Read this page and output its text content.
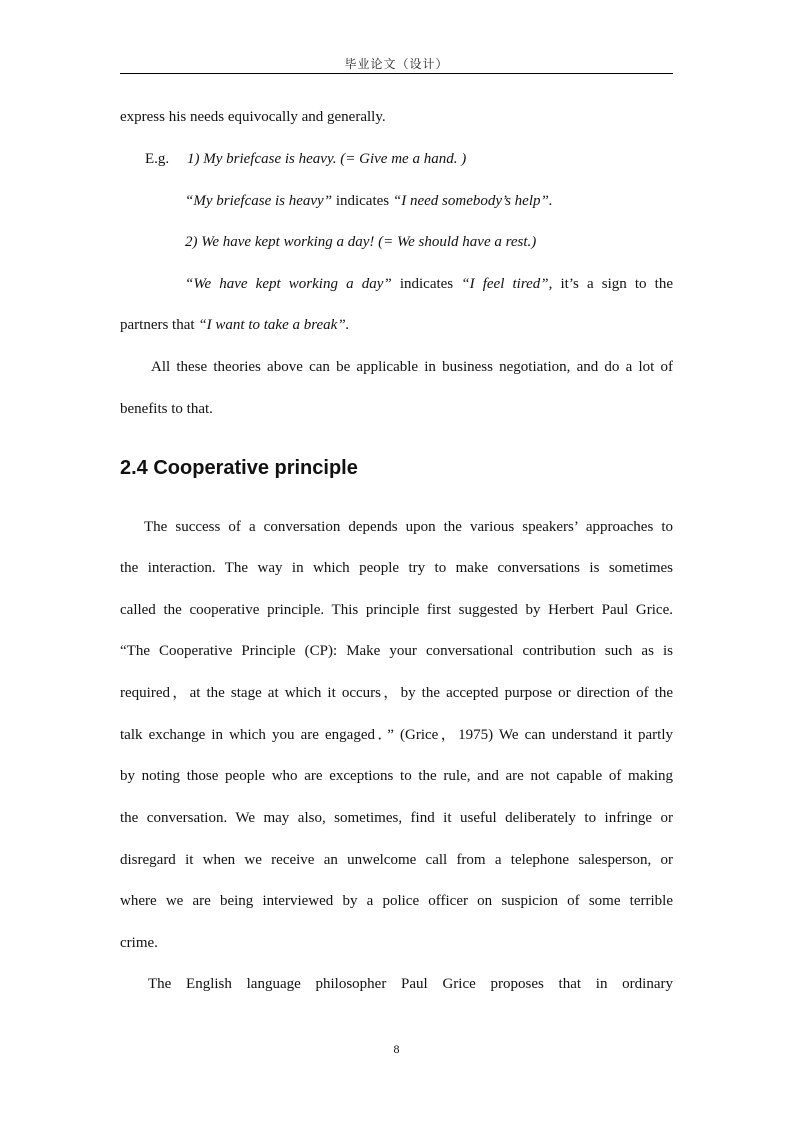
毕业论文（设计）
express his needs equivocally and generally.
E.g. 1) My briefcase is heavy. (= Give me a hand. )
“My briefcase is heavy” indicates “I need somebody’s help”.
2) We have kept working a day! (= We should have a rest.)
“We have kept working a day” indicates “I feel tired”, it’s a sign to the
partners that “I want to take a break”.
All these theories above can be applicable in business negotiation, and do a lot of
benefits to that.
2.4 Cooperative principle
The success of a conversation depends upon the various speakers’ approaches to
the interaction. The way in which people try to make conversations is sometimes
called the cooperative principle. This principle first suggested by Herbert Paul Grice.
“The Cooperative Principle (CP): Make your conversational contribution such as is
required，at the stage at which it occurs，by the accepted purpose or direction of the
talk exchange in which you are engaged．” (Grice，1975) We can understand it partly
by noting those people who are exceptions to the rule, and are not capable of making
the conversation. We may also, sometimes, find it useful deliberately to infringe or
disregard it when we receive an unwelcome call from a telephone salesperson, or
where we are being interviewed by a police officer on suspicion of some terrible
crime.
The English language philosopher Paul Grice proposes that in ordinary
8
